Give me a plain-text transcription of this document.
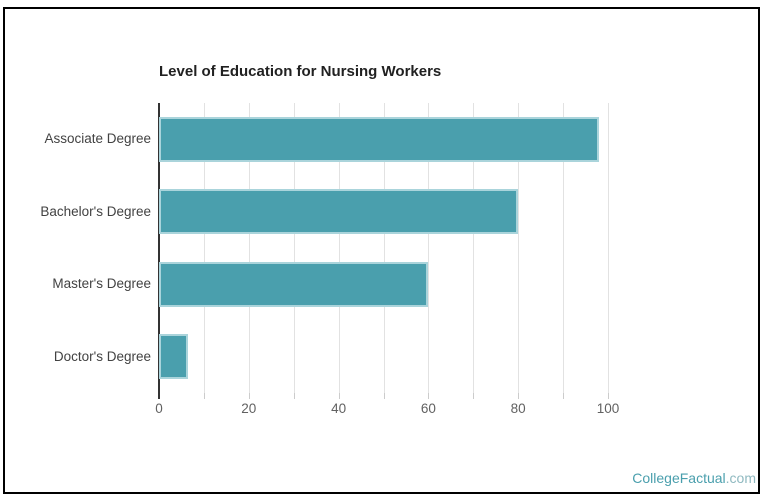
Level of Education for Nursing Workers
Associate Degree
Bachelor's Degree
Master's Degree
Doctor's Degree
0	20	40	60	80	100
CollegeFactual.com
